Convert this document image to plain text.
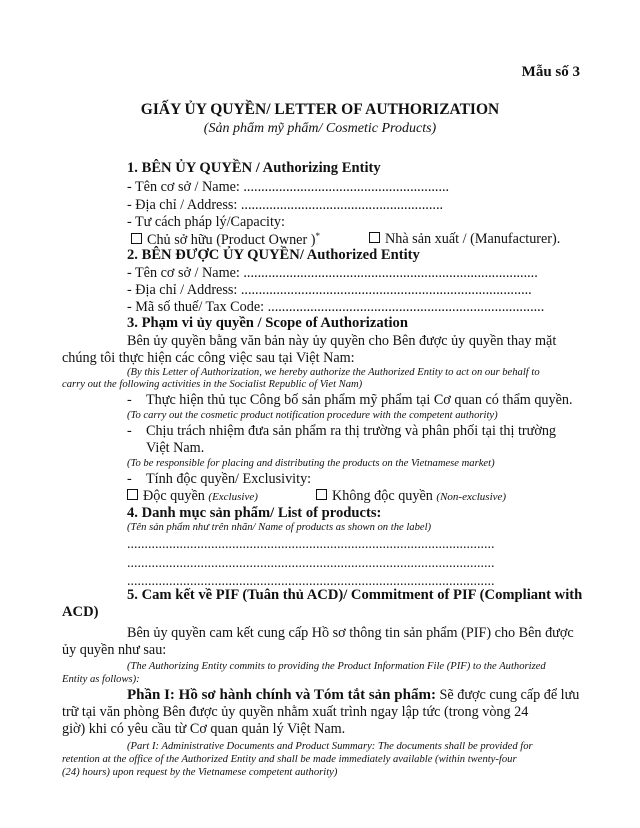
Mẫu số 3
GIẤY ỦY QUYỀN/ LETTER OF AUTHORIZATION
(Sản phẩm mỹ phẩm/ Cosmetic Products)
1. BÊN ỦY QUYỀN / Authorizing Entity
- Tên cơ sở / Name: ..........................................................
- Địa chỉ / Address: .........................................................
- Tư cách pháp lý/Capacity:
Chủ sở hữu (Product Owner )*	Nhà sản xuất / (Manufacturer).
2. BÊN ĐƯỢC ỦY QUYỀN/ Authorized Entity
- Tên cơ sở / Name: ...................................................................................
- Địa chỉ / Address: ..................................................................................
- Mã số thuế/ Tax Code: ..............................................................................
3. Phạm vi ủy quyền / Scope of Authorization
Bên ủy quyền bằng văn bản này ủy quyền cho Bên được ủy quyền thay mặt
chúng tôi thực hiện các công việc sau tại Việt Nam:
(By this Letter of Authorization, we hereby authorize the Authorized Entity to act on our behalf to
carry out the following activities in the Socialist Republic of Viet Nam)
- Thực hiện thủ tục Công bố sản phẩm mỹ phẩm tại Cơ quan có thẩm quyền.
(To carry out the cosmetic product notification procedure with the competent authority)
- Chịu trách nhiệm đưa sản phẩm ra thị trường và phân phối tại thị trường
Việt Nam.
(To be responsible for placing and distributing the products on the Vietnamese market)
- Tính độc quyền/ Exclusivity:
Độc quyền (Exclusive)	Không độc quyền (Non-exclusive)
4. Danh mục sản phẩm/ List of products:
(Tên sản phẩm như trên nhãn/ Name of products as shown on the label)
.........................................................................................................
.........................................................................................................
.........................................................................................................
5. Cam kết về PIF (Tuân thủ ACD)/ Commitment of PIF (Compliant with
ACD)
Bên ủy quyền cam kết cung cấp Hồ sơ thông tin sản phẩm (PIF) cho Bên được
ủy quyền như sau:
(The Authorizing Entity commits to providing the Product Information File (PIF) to the Authorized
Entity as follows):
Phần I: Hồ sơ hành chính và Tóm tắt sản phẩm: Sẽ được cung cấp để lưu
trữ tại văn phòng Bên được ủy quyền nhằm xuất trình ngay lập tức (trong vòng 24
giờ) khi có yêu cầu từ Cơ quan quản lý Việt Nam.
(Part I: Administrative Documents and Product Summary: The documents shall be provided for
retention at the office of the Authorized Entity and shall be made immediately available (within twenty-four
(24) hours) upon request by the Vietnamese competent authority)
